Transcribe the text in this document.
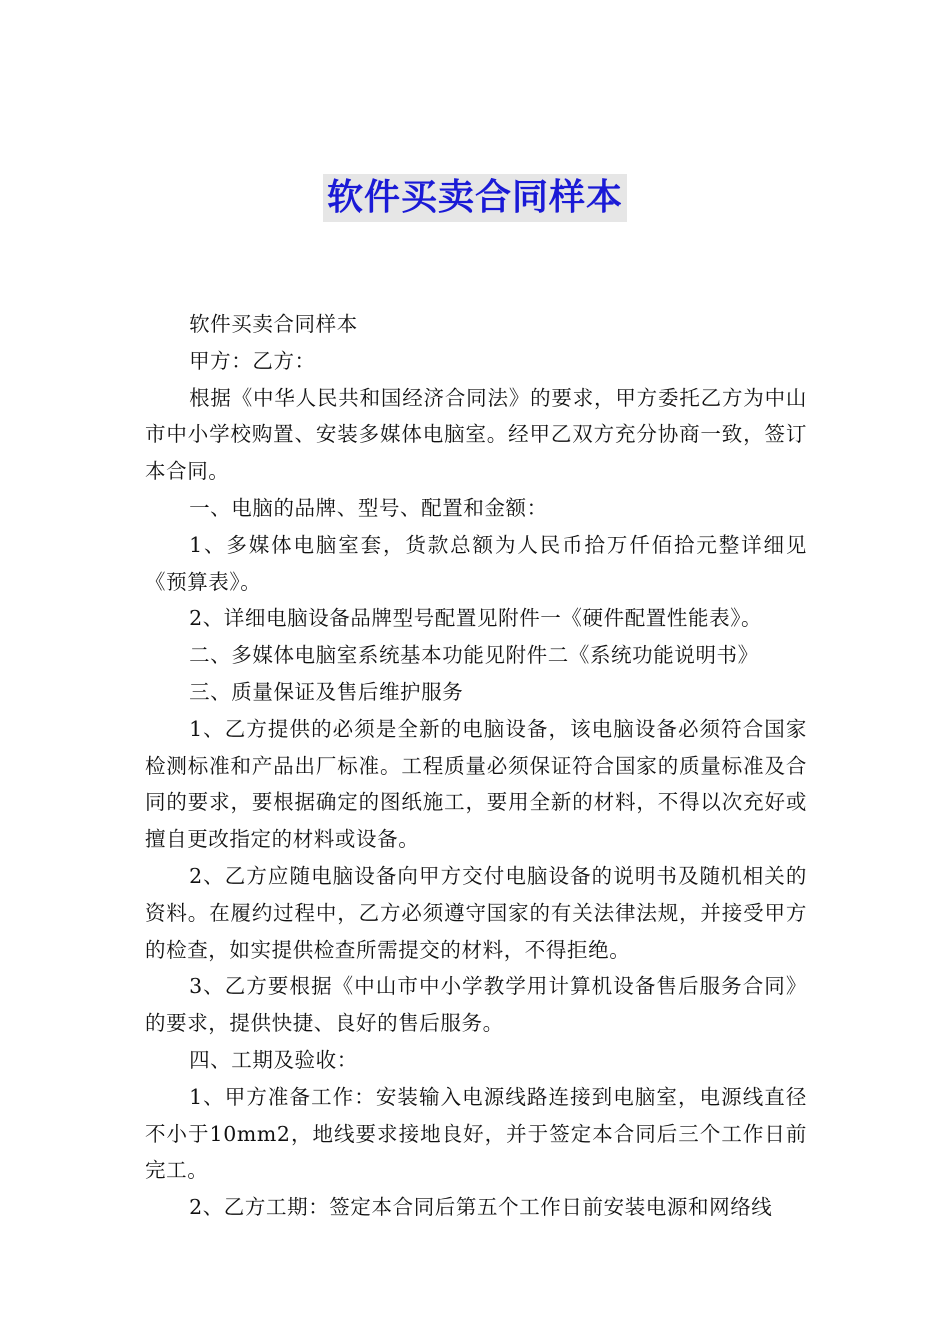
软件买卖合同样本

软件买卖合同样本

甲方：乙方：

根据《中华人民共和国经济合同法》的要求，甲方委托乙方为中山市中小学校购置、安装多媒体电脑室。经甲乙双方充分协商一致，签订本合同。

一、电脑的品牌、型号、配置和金额：

1、多媒体电脑室套，货款总额为人民币拾万仟佰拾元整详细见《预算表》。

2、详细电脑设备品牌型号配置见附件一《硬件配置性能表》。

二、多媒体电脑室系统基本功能见附件二《系统功能说明书》

三、质量保证及售后维护服务

1、乙方提供的必须是全新的电脑设备，该电脑设备必须符合国家检测标准和产品出厂标准。工程质量必须保证符合国家的质量标准及合同的要求，要根据确定的图纸施工，要用全新的材料，不得以次充好或擅自更改指定的材料或设备。

2、乙方应随电脑设备向甲方交付电脑设备的说明书及随机相关的资料。在履约过程中，乙方必须遵守国家的有关法律法规，并接受甲方的检查，如实提供检查所需提交的材料，不得拒绝。

3、乙方要根据《中山市中小学教学用计算机设备售后服务合同》的要求，提供快捷、良好的售后服务。

四、工期及验收：

1、甲方准备工作：安装输入电源线路连接到电脑室，电源线直径不小于10mm2，地线要求接地良好，并于签定本合同后三个工作日前完工。

2、乙方工期：签定本合同后第五个工作日前安装电源和网络线
